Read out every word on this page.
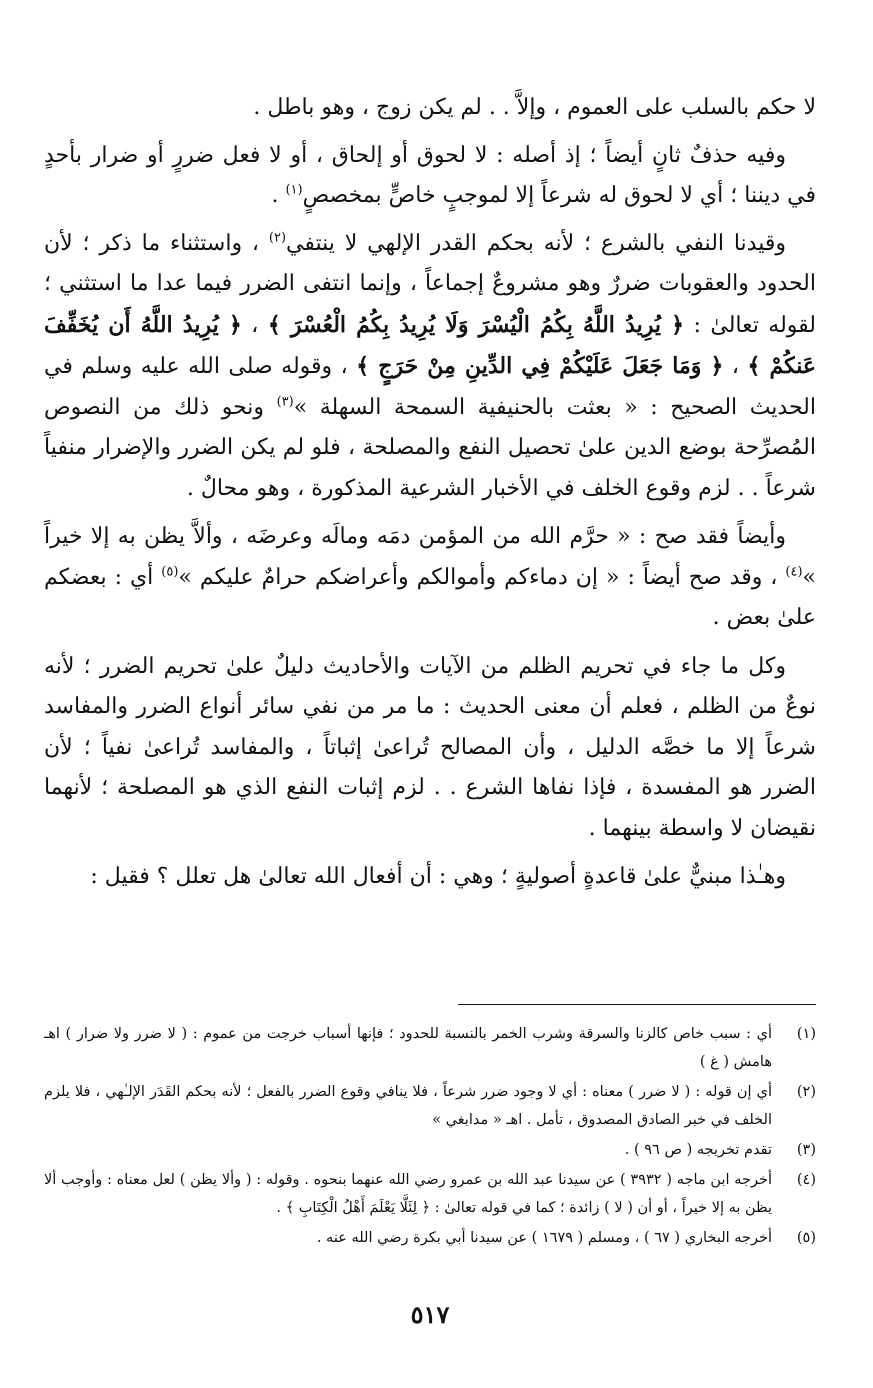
لا حكم بالسلب على العموم ، وإلاَّ . . لم يكن زوج ، وهو باطل .

وفيه حذفٌ ثانٍ أيضاً ؛ إذ أصله : لا لحوق أو إلحاق ، أو لا فعل ضررٍ أو ضرار بأحدٍ في ديننا ؛ أي لا لحوق له شرعاً إلا لموجبٍ خاصٍّ بمخصصٍ$^{(١)}$ .

وقيدنا النفي بالشرع ؛ لأنه بحكم القدر الإلهي لا ينتفي$^{(٢)}$ ، واستثناء ما ذكر ؛ لأن الحدود والعقوبات ضررٌ وهو مشروعٌ إجماعاً ، وإنما انتفى الضرر فيما عدا ما استثني ؛ لقوله تعالىٰ : ﴿ يُرِيدُ اللَّهُ بِكُمُ الْيُسْرَ وَلَا يُرِيدُ بِكُمُ الْعُسْرَ ﴾ ، ﴿ يُرِيدُ اللَّهُ أَن يُخَفِّفَ عَنكُمْ ﴾ ، ﴿ وَمَا جَعَلَ عَلَيْكُمْ فِي الدِّينِ مِنْ حَرَجٍ ﴾ ، وقوله صلى الله عليه وسلم في الحديث الصحيح : « بعثت بالحنيفية السمحة السهلة »$^{(٣)}$ ونحو ذلك من النصوص المُصرِّحة بوضع الدين علىٰ تحصيل النفع والمصلحة ، فلو لم يكن الضرر والإضرار منفياً شرعاً . . لزم وقوع الخلف في الأخبار الشرعية المذكورة ، وهو محالٌ .

وأيضاً فقد صح : « حرَّم الله من المؤمن دمَه ومالَه وعرضَه ، وألاَّ يظن به إلا خيراً »$^{(٤)}$ ، وقد صح أيضاً : « إن دماءكم وأموالكم وأعراضكم حرامٌ عليكم »$^{(٥)}$ أي : بعضكم علىٰ بعض .

وكل ما جاء في تحريم الظلم من الآيات والأحاديث دليلٌ علىٰ تحريم الضرر ؛ لأنه نوعٌ من الظلم ، فعلم أن معنى الحديث : ما مر من نفي سائر أنواع الضرر والمفاسد شرعاً إلا ما خصَّه الدليل ، وأن المصالح تُراعىٰ إثباتاً ، والمفاسد تُراعىٰ نفياً ؛ لأن الضرر هو المفسدة ، فإذا نفاها الشرع . . لزم إثبات النفع الذي هو المصلحة ؛ لأنهما نقيضان لا واسطة بينهما .

وهـٰذا مبنيٌّ علىٰ قاعدةٍ أصوليةٍ ؛ وهي : أن أفعال الله تعالىٰ هل تعلل ؟ فقيل :

(١)
أي : سبب خاص كالزنا والسرقة وشرب الخمر بالنسبة للحدود ؛ فإنها أسباب خرجت من عموم : ( لا ضرر ولا ضرار ) اهـ هامش ( غ )
(٢)
أي إن قوله : ( لا ضرر ) معناه : أي لا وجود ضرر شرعاً ، فلا ينافي وقوع الضرر بالفعل ؛ لأنه بحكم القَدَر الإلـٰهي ، فلا يلزم الخلف في خبر الصادق المصدوق ، تأمل . اهـ « مدابغي »
(٣)
تقدم تخريجه ( ص ٩٦ ) .
(٤)
أخرجه ابن ماجه ( ٣٩٣٢ ) عن سيدنا عبد الله بن عمرو رضي الله عنهما بنحوه . وقوله : ( وألا يظن ) لعل معناه : وأوجب ألا يظن به إلا خيراً ، أو أن ( لا ) زائدة ؛ كما في قوله تعالىٰ : ﴿ لِئَلَّا يَعْلَمَ أَهْلُ الْكِتَابِ ﴾ .
(٥)
أخرجه البخاري ( ٦٧ ) ، ومسلم ( ١٦٧٩ ) عن سيدنا أبي بكرة رضي الله عنه .
٥١٧
